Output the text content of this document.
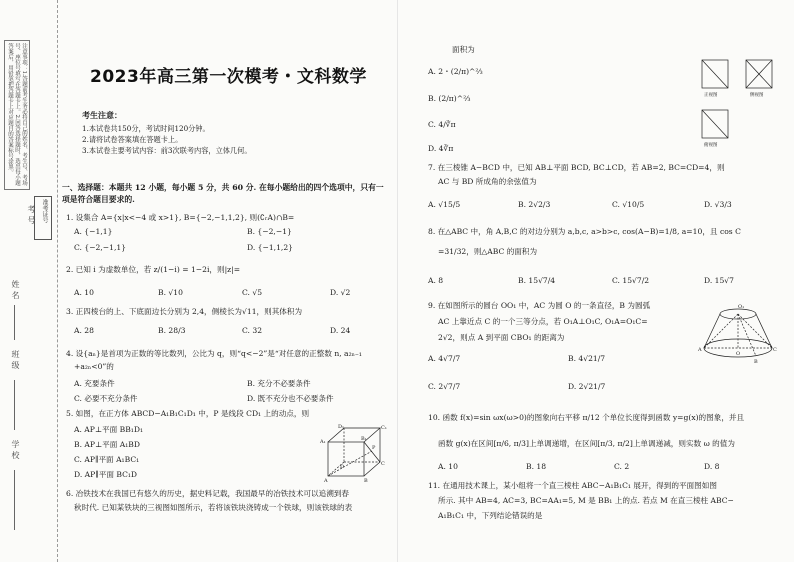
注意事项：1.答题前考生务必将自己的姓名、考生号、考场号、座位号填写在答题卡上。2.回答选择题时，选出每小题答案后，用铅笔把答题卡上对应题目的答案标号涂黑。
准考证号
学校
班级
姓名
考号
2023年高三第一次模考・文科数学
考生注意：
1.本试卷共150分，考试时间120分钟。
2.请将试卷答案填在答题卡上。
3.本试卷主要考试内容：前3次联考内容，立体几何。
一、选择题：本题共 12 小题，每小题 5 分，共 60 分. 在每小题给出的四个选项中，只有一项是符合题目要求的.
1. 设集合 A={x|x<−4 或 x>1}, B={−2,−1,1,2}, 则(∁ᵣA)∩B=
A. {−1,1}	B. {−2,−1}
C. {−2,−1,1}	D. {−1,1,2}
2. 已知 i 为虚数单位，若 z/(1−i) = 1−2i，则|z|=
A. 10	B. √10	C. √5	D. √2
3. 正四棱台的上、下底面边长分别为 2,4，侧棱长为√11，则其体积为
A. 28	B. 28/3	C. 32	D. 24
4. 设{aₙ}是首项为正数的等比数列，公比为 q，则“q<−2”是“对任意的正整数 n, a₂ₙ₋₁
+a₂ₙ<0”的
A. 充要条件	B. 充分不必要条件
C. 必要不充分条件	D. 既不充分也不必要条件
5. 如图，在正方体 ABCD−A₁B₁C₁D₁ 中，P 是线段 CD₁ 上的动点，则
A. AP⊥平面 BB₁D₁
B. AP⊥平面 A₁BD
C. AP∥平面 A₁BC₁
D. AP∥平面 BC₁D
D₁	C₁
A₁	B₁
P
D	C
A	B
6. 冶铁技术在我国已有悠久的历史，据史料记载，我国最早的冶铁技术可以追溯到春
秋时代. 已知某铁块的三视图如图所示，若将该铁块浇铸成一个铁球，则该铁球的表
面积为
A. 2・(2/π)^⅔
B. (2/π)^⅔
C. 4/∛π
D. 4∛π
正视图	侧视图
俯视图
7. 在三棱锥 A−BCD 中，已知 AB⊥平面 BCD, BC⊥CD，若 AB=2, BC=CD=4，则
AC 与 BD 所成角的余弦值为
A. √15/5	B. 2√2/3	C. √10/5	D. √3/3
8. 在△ABC 中，角 A,B,C 的对边分别为 a,b,c, a>b>c, cos(A−B)=1/8, a=10，且 cos C
=31/32，则△ABC 的面积为
A. 8	B. 15√7/4	C. 15√7/2	D. 15√7
9. 在如图所示的圆台 OO₁ 中，AC 为圆 O 的一条直径，B 为圆弧
AC 上靠近点 C 的一个三等分点，若 O₁A⊥O₁C, O₁A=O₁C=
2√2，则点 A 到平面 CBO₁ 的距离为
A. 4√7/7	B. 4√21/7
C. 2√7/7	D. 2√21/7
O₁
A
O
B
C
10. 函数 f(x)=sin ωx(ω>0)的图象向右平移 π/12 个单位长度得到函数 y=g(x)的图象，并且
函数 g(x)在区间[π/6, π/3]上单调递增，在区间[π/3, π/2]上单调递减，则实数 ω 的值为
A. 10	B. 18	C. 2	D. 8
11. 在通用技术课上，某小组将一个直三棱柱 ABC−A₁B₁C₁ 展开，得到的平面图如图
所示. 其中 AB=4, AC=3, BC=AA₁=5, M 是 BB₁ 上的点. 若点 M 在直三棱柱 ABC−
A₁B₁C₁ 中，下列结论错误的是
